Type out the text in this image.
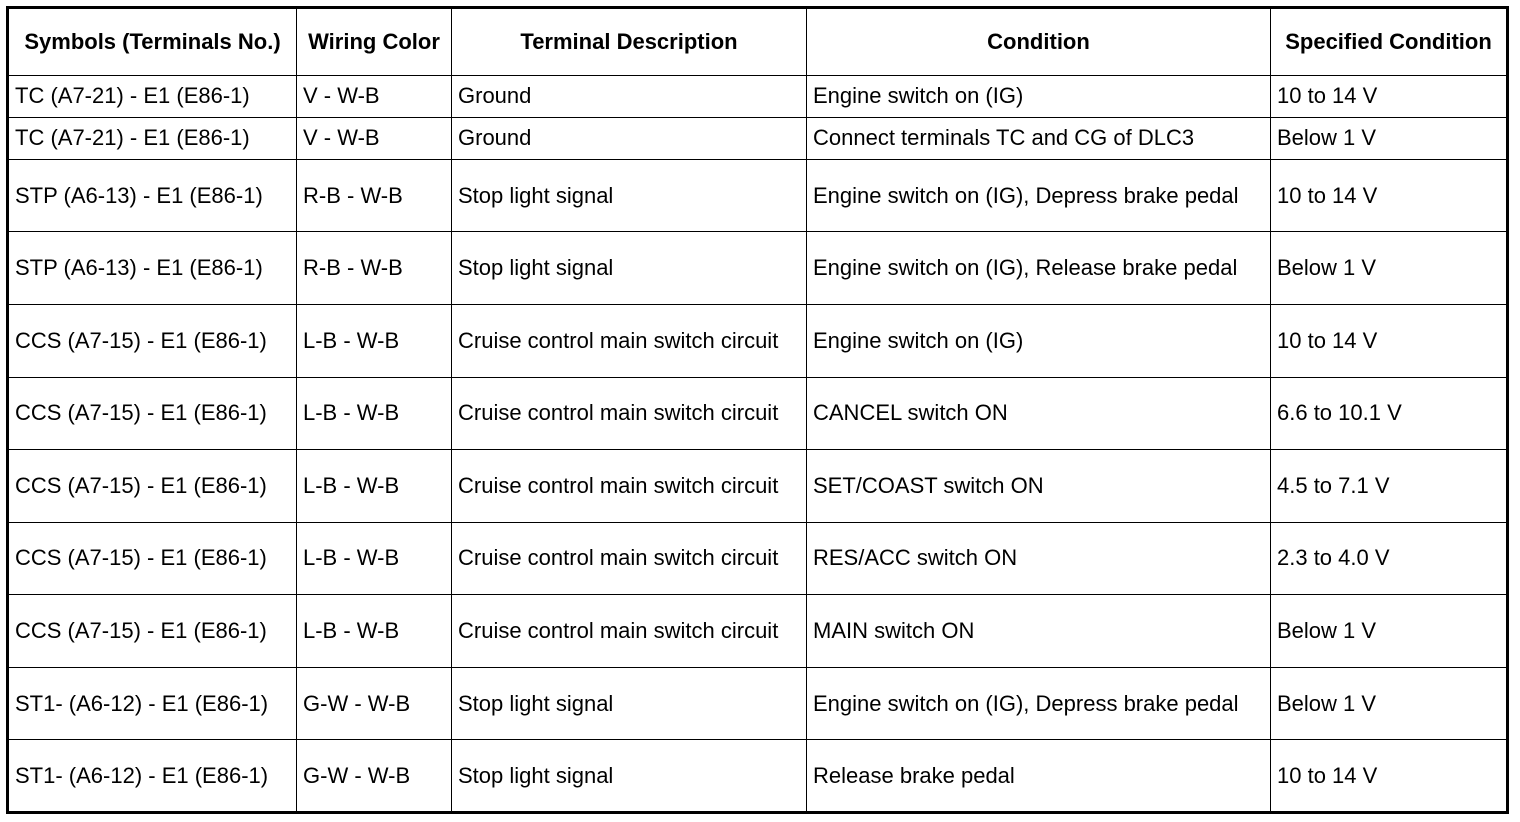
Symbols (Terminals No.)	Wiring Color	Terminal Description	Condition	Specified Condition
TC (A7-21) - E1 (E86-1)	V - W-B	Ground	Engine switch on (IG)	10 to 14 V
TC (A7-21) - E1 (E86-1)	V - W-B	Ground	Connect terminals TC and CG of DLC3	Below 1 V
STP (A6-13) - E1 (E86-1)	R-B - W-B	Stop light signal	Engine switch on (IG), Depress brake pedal	10 to 14 V
STP (A6-13) - E1 (E86-1)	R-B - W-B	Stop light signal	Engine switch on (IG), Release brake pedal	Below 1 V
CCS (A7-15) - E1 (E86-1)	L-B - W-B	Cruise control main switch circuit	Engine switch on (IG)	10 to 14 V
CCS (A7-15) - E1 (E86-1)	L-B - W-B	Cruise control main switch circuit	CANCEL switch ON	6.6 to 10.1 V
CCS (A7-15) - E1 (E86-1)	L-B - W-B	Cruise control main switch circuit	SET/COAST switch ON	4.5 to 7.1 V
CCS (A7-15) - E1 (E86-1)	L-B - W-B	Cruise control main switch circuit	RES/ACC switch ON	2.3 to 4.0 V
CCS (A7-15) - E1 (E86-1)	L-B - W-B	Cruise control main switch circuit	MAIN switch ON	Below 1 V
ST1- (A6-12) - E1 (E86-1)	G-W - W-B	Stop light signal	Engine switch on (IG), Depress brake pedal	Below 1 V
ST1- (A6-12) - E1 (E86-1)	G-W - W-B	Stop light signal	Release brake pedal	10 to 14 V
